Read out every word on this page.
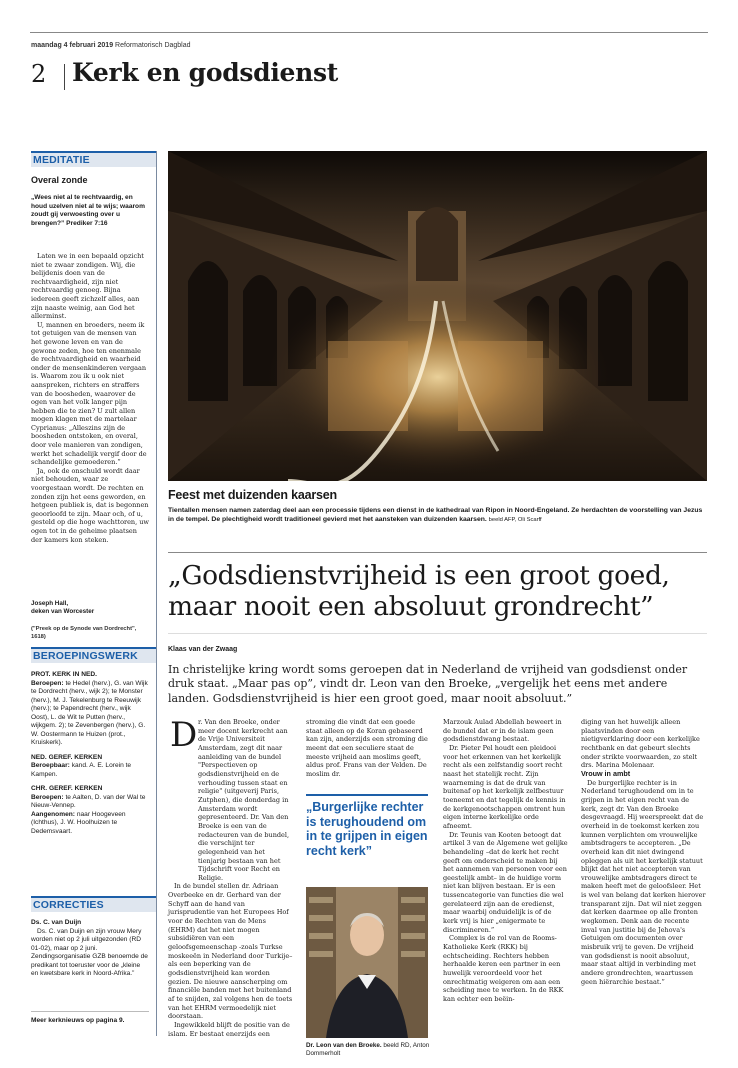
maandag 4 februari 2019 Reformatorisch Dagblad
2 Kerk en godsdienst
MEDITATIE
Overal zonde
„Wees niet al te rechtvaardig, en houd uzelven niet al te wijs; waarom zoudt gij verwoesting over u brengen?” Prediker 7:16

Laten we in een bepaald opzicht niet te zwaar zondigen. Wij, die belijdenis doen van de rechtvaardigheid, zijn niet rechtvaardig genoeg. Bijna iedereen geeft zichzelf alles, aan zijn naaste weinig, aan God het allerminst.

U, mannen en broeders, neem ik tot getuigen van de mensen van het gewone leven en van de gewone zeden, hoe ten enenmale de rechtvaardigheid en waarheid onder de mensenkinderen vergaan is. Waarom zou ik u ook niet aanspreken, richters en straffers van de boosheden, waarover de ogen van het volk langer pijn hebben die te zien? U zult allen mogen klagen met de martelaar Cyprianus: „Alleszins zijn de boosheden ontstoken, en overal, door vele manieren van zondigen, werkt het schadelijk vergif door de schandelijke gemoederen.”

Ja, ook de onschuld wordt daar niet behouden, waar ze voorgestaan wordt. De rechten en zonden zijn het eens geworden, en hetgeen publiek is, dat is begonnen geoorloofd te zijn. Maar och, of u, gesteld op die hoge wachttoren, uw ogen tot in de geheime plaatsen der kamers kon steken.

Joseph Hall,
deken van Worcester
("Preek op de Synode van Dordrecht", 1618)
BEROEPINGSWERK
PROT. KERK IN NED.
Beroepen: te Hedel (herv.), G. van Wijk te Dordrecht (herv., wijk 2); te Monster (herv.), M. J. Tekelenburg te Reeuwijk (herv.); te Papendrecht (herv., wijk Oost), L. de Wit te Putten (herv., wijkgem. 2); te Zevenbergen (herv.), G. W. Oostermann te Huizen (prot., Kruiskerk).
NED. GEREF. KERKEN
Beroepbaar: kand. A. E. Lorein te Kampen.
CHR. GEREF. KERKEN
Beroepen: te Aalten, D. van der Wal te Nieuw-Vennep.
Aangenomen: naar Hoogeveen (Ichthus), J. W. Hoolhuizen te Dedemsvaart.
CORRECTIES
Ds. C. van Duijn
Ds. C. van Duijn en zijn vrouw Mery worden niet op 2 juli uitgezonden (RD 01-02), maar op 2 juni. Zendingsorganisatie GZB benoemde de predikant tot toeruster voor de „kleine en kwetsbare kerk in Noord-Afrika.”
Meer kerknieuws op pagina 9.
Feest met duizenden kaarsen
Tientallen mensen namen zaterdag deel aan een processie tijdens een dienst in de kathedraal van Ripon in Noord-Engeland. Ze herdachten de voorstelling van Jezus in de tempel. De plechtigheid wordt traditioneel gevierd met het aansteken van duizenden kaarsen. beeld AFP, Oli Scarff
„Godsdienstvrijheid is een groot goed, maar nooit een absoluut grondrecht”
Klaas van der Zwaag
In christelijke kring wordt soms geroepen dat in Nederland de vrijheid van godsdienst onder druk staat. „Maar pas op”, vindt dr. Leon van den Broeke, „vergelijk het eens met andere landen. Godsdienstvrijheid is hier een groot goed, maar nooit absoluut.”
D r. Van den Broeke, onder meer docent kerkrecht aan de Vrije Universiteit Amsterdam, zegt dit naar aanleiding van de bundel "Perspectieven op godsdienstvrijheid en de verhouding tussen staat en religie" (uitgeverij Paris, Zutphen), die donderdag in Amsterdam wordt gepresenteerd. Dr. Van den Broeke is een van de redacteuren van de bundel, die verschijnt ter gelegenheid van het tienjarig bestaan van het Tijdschrift voor Recht en Religie.

In de bundel stellen dr. Adriaan Overbeeke en dr. Gerhard van der Schyff aan de hand van jurisprudentie van het Europees Hof voor de Rechten van de Mens (EHRM) dat het niet mogen subsidiëren van een geloofsgemeenschap -zoals Turkse moskeeën in Nederland door Turkije– als een beperking van de godsdienstvrijheid kan worden gezien. De nieuwe aanscherping om financiële banden met het buitenland af te snijden, zal volgens hen de toets van het EHRM vermoedelijk niet doorstaan.

Ingewikkeld blijft de positie van de islam. Er bestaat enerzijds een

stroming die vindt dat een goede staat alleen op de Koran gebaseerd kan zijn, anderzijds een stroming die meent dat een seculiere staat de meeste vrijheid aan moslims geeft, aldus prof. Frans van der Velden. De moslim dr.

„Burgerlijke rechter is terughoudend om in te grijpen in eigen recht kerk”
Dr. Leon van den Broeke. beeld RD, Anton Dommerholt

Marzouk Aulad Abdellah beweert in de bundel dat er in de islam geen godsdienstdwang bestaat.

Dr. Pieter Pel houdt een pleidooi voor het erkennen van het kerkelijk recht als een zelfstandig soort recht naast het statelijk recht. Zijn waarneming is dat de druk van buitenaf op het kerkelijk zelfbestuur toeneemt en dat tegelijk de kennis in de kerkgenootschappen omtrent hun eigen interne kerkelijke orde afneemt.

Dr. Teunis van Kooten betoogt dat artikel 3 van de Algemene wet gelijke behandeling –dat de kerk het recht geeft om onderscheid te maken bij het aannemen van personen voor een geestelijk ambt– in de huidige vorm niet kan blijven bestaan. Er is een tussencategorie van functies die wel gerelateerd zijn aan de eredienst, maar waarbij onduidelijk is of de kerk vrij is hier „enigermate te discrimineren.”

Complex is de rol van de Rooms-Katholieke Kerk (RKK) bij echtscheiding. Rechters hebben herhaalde keren een partner in een huwelijk veroordeeld voor het onrechtmatig weigeren om aan een scheiding mee te werken. In de RKK kan echter een beëin-

diging van het huwelijk alleen plaatsvinden door een nietigverklaring door een kerkelijke rechtbank en dat gebeurt slechts onder strikte voorwaarden, zo stelt drs. Marina Molenaar.

Vrouw in ambt

De burgerlijke rechter is in Nederland terughoudend om in te grijpen in het eigen recht van de kerk, zegt dr. Van den Broeke desgevraagd. Hij weerspreekt dat de overheid in de toekomst kerken zou kunnen verplichten om vrouwelijke ambtsdragers te accepteren. „De overheid kan dit niet dwingend opleggen als uit het kerkelijk statuut blijkt dat het niet accepteren van vrouwelijke ambtsdragers direct te maken heeft met de geloofsleer. Het is wel van belang dat kerken hierover transparant zijn. Dat wil niet zeggen dat kerken daarmee op alle fronten wegkomen. Denk aan de recente inval van justitie bij de Jehova's Getuigen om documenten over misbruik vrij te geven. De vrijheid van godsdienst is nooit absoluut, maar staat altijd in verbinding met andere grondrechten, waartussen geen hiërarchie bestaat.”
